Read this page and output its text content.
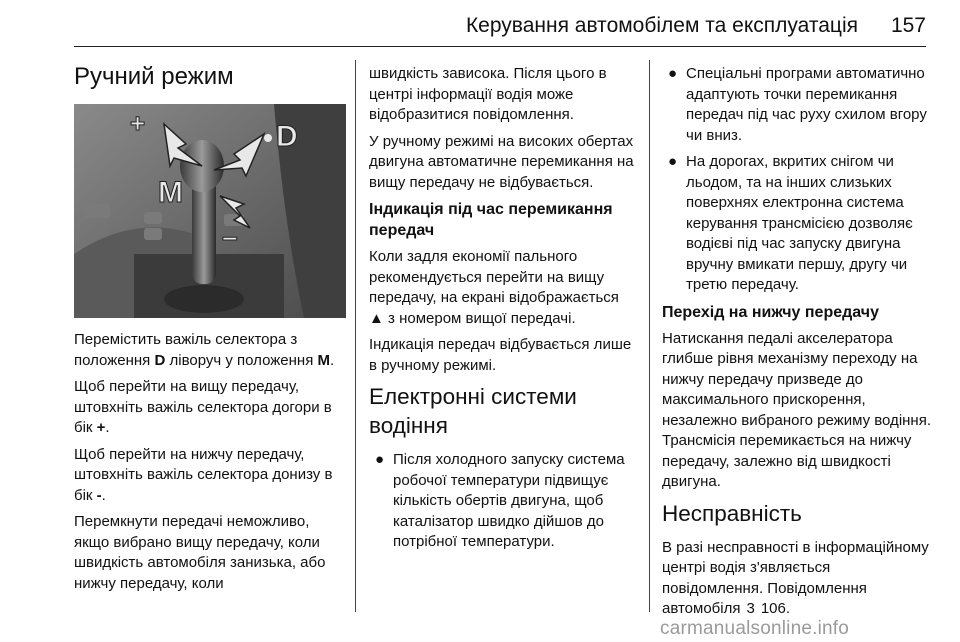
Керування автомобілем та експлуатація 157
Ручний режим
+	D
M
–

Перемістить важіль селектора з положення D ліворуч у положення M.

Щоб перейти на вищу передачу, штовхніть важіль селектора догори в бік +.

Щоб перейти на нижчу передачу, штовхніть важіль селектора донизу в бік -.

Перемкнути передачі неможливо, якщо вибрано вищу передачу, коли швидкість автомобіля занизька, або нижчу передачу, коли

швидкість зависока. Після цього в центрі інформації водія може відобразитися повідомлення.

У ручному режимі на високих обертах двигуна автоматичне перемикання на вищу передачу не відбувається.

Індикація під час перемикання передач

Коли задля економії пального рекомендується перейти на вищу передачу, на екрані відображається ▲ з номером вищої передачі.

Індикація передач відбувається лише в ручному режимі.

Електронні системи водіння
● Після холодного запуску система робочої температури підвищує кількість обертів двигуна, щоб каталізатор швидко дійшов до потрібної температури.
● Спеціальні програми автоматично адаптують точки перемикання передач під час руху схилом вгору чи вниз.
● На дорогах, вкритих снігом чи льодом, та на інших слизьких поверхнях електронна система керування трансмісією дозволяє водієві під час запуску двигуна вручну вмикати першу, другу чи третю передачу.
Перехід на нижчу передачу

Натискання педалі акселератора глибше рівня механізму переходу на нижчу передачу призведе до максимального прискорення, незалежно вибраного режиму водіння. Трансмісія перемикається на нижчу передачу, залежно від швидкості двигуна.

Несправність

В разі несправності в інформаційному центрі водія з'являється повідомлення. Повідомлення автомобіля 3 106.

carmanualsonline.info
